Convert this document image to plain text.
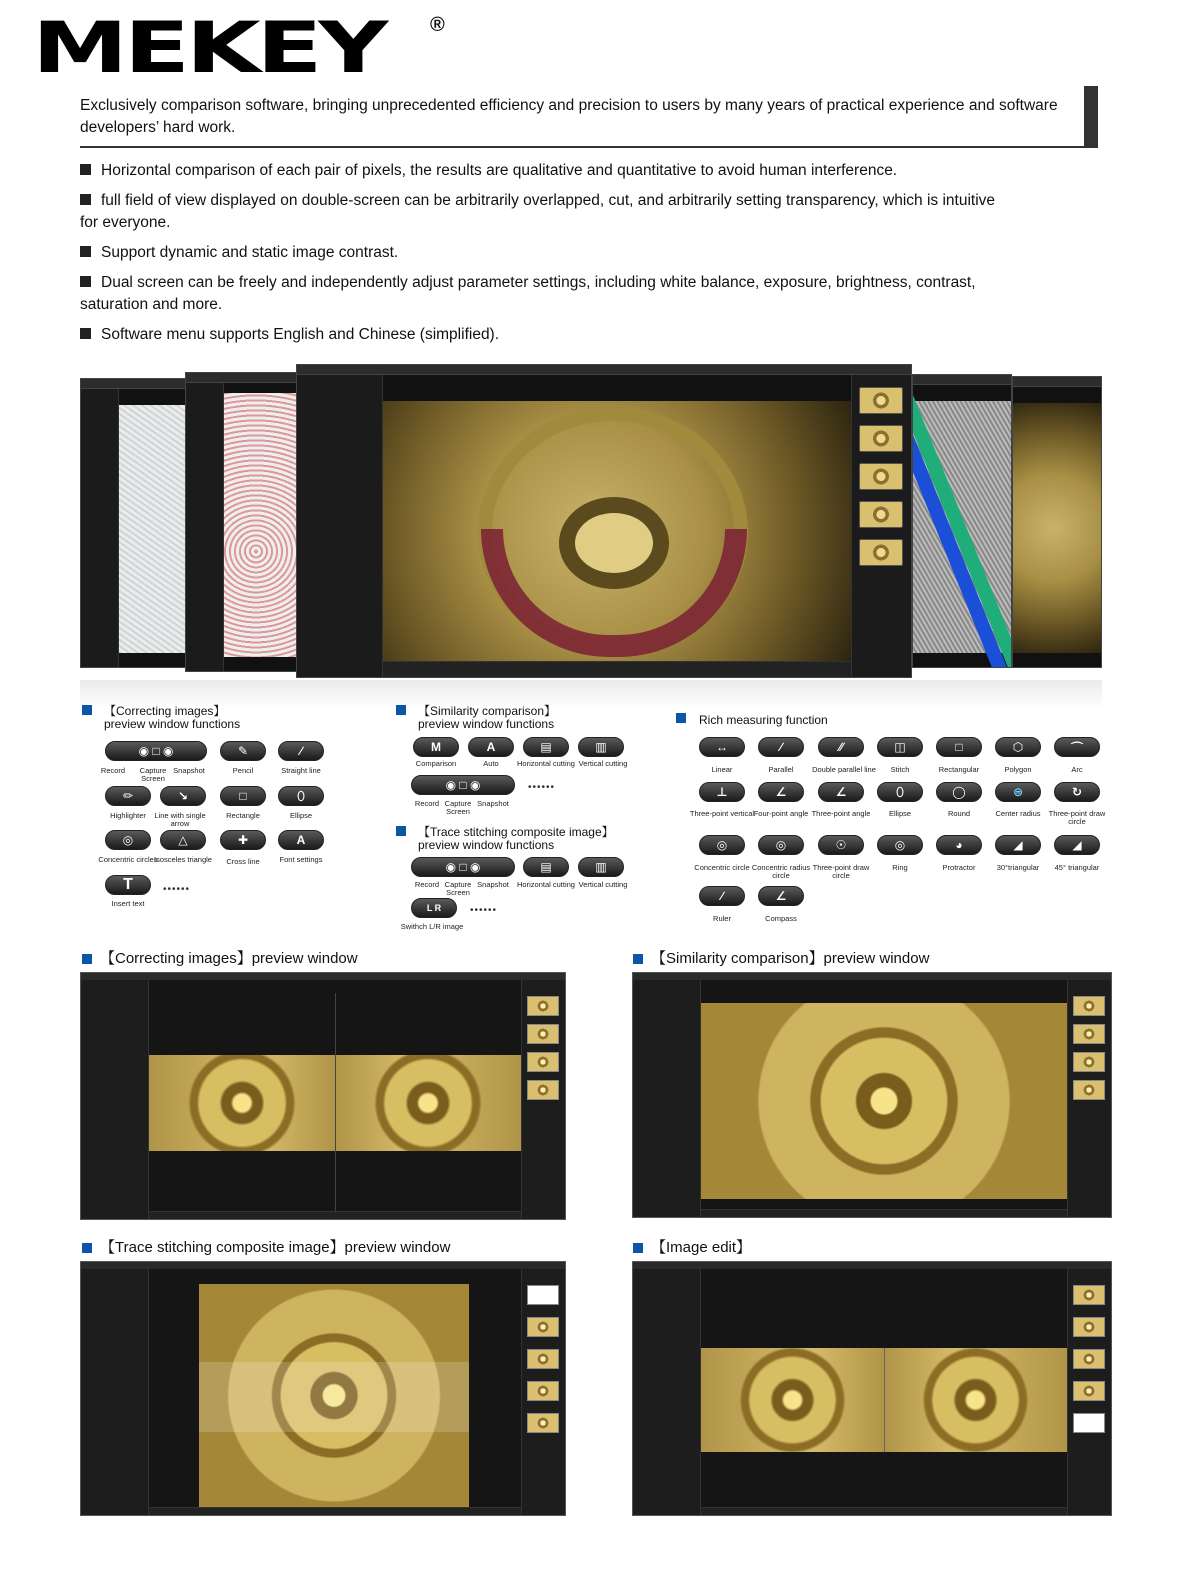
MEKEY ®

Exclusively comparison software, bringing unprecedented efficiency and precision to users by many years of practical experience and software developers’ hard work.

Horizontal comparison of each pair of pixels, the results are qualitative and quantitative to avoid human interference.
full field of view displayed on double-screen can be arbitrarily overlapped, cut, and arbitrarily setting transparency, which is intuitive for everyone.
Support dynamic and static image contrast.
Dual screen can be freely and independently adjust parameter settings, including white balance, exposure, brightness, contrast, saturation and more.
Software menu supports English and Chinese (simplified).
【Correcting images】
preview window functions
◉ □ ◉
Record	Capture Screen
Snapshot
✎
Pencil
∕
Straight line
✏
Highlighter
↘
Line with single arrow
□
Rectangle
⬯
Ellipse
◎
Concentric circles
△
Isosceles triangle
✚
Cross line
A
Font settings
T
Insert text
••••••
【Similarity comparison】
preview window functions
M
Comparison
A
Auto
▤
Horizontal cutting
▥
Vertical cutting
◉ □ ◉
Record Capture Screen
Snapshot
••••••
【Trace stitching composite image】
preview window functions
◉ □ ◉
Record Capture Screen
Snapshot
▤
Horizontal cutting
▥
Vertical cutting
L R
Swithch L/R image
••••••
Rich measuring function
↔
Linear
∕
Parallel
∕∕
Double parallel line
◫
Stitch
□
Rectangular
⬡
Polygon
⌒
Arc
⊥
Three-point vertical
∠
Four-point angle
∠
Three-point angle
⬯
Ellipse
◯
Round
⊜
Center radius
↻
Three-point draw circle
◎
Concentric circle
◎
Concentric radius circle
☉
Three-point draw circle
◎
Ring
◕
Protractor
◢
30°triangular
◢
45° triangular
∕
Ruler
∠
Compass
【Correcting images】preview window	【Similarity comparison】preview window
【Trace stitching composite image】preview window	【Image edit】
